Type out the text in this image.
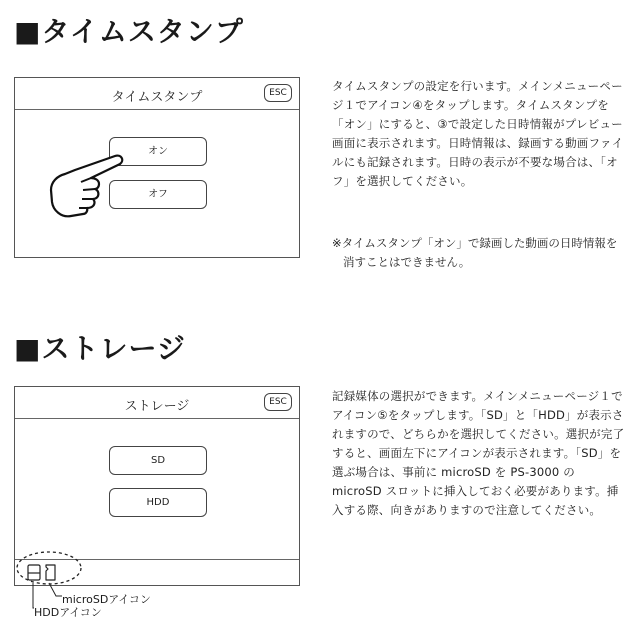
■タイムスタンプ
タイムスタンプ	ESC
オン
オフ
タイムスタンプの設定を行います。メインメニューページ１でアイコン④をタップします。タイムスタンプを「オン」にすると、③で設定した日時情報がプレビュー画面に表示されます。日時情報は、録画する動画ファイルにも記録されます。日時の表示が不要な場合は、「オフ」を選択してください。
※タイムスタンプ「オン」で録画した動画の日時情報を消すことはできません。
■ストレージ
ストレージ	ESC
SD
HDD
microSDアイコン
HDDアイコン
記録媒体の選択ができます。メインメニューページ１でアイコン⑤をタップします。「SD」と「HDD」が表示されますので、どちらかを選択してください。選択が完了すると、画面左下にアイコンが表示されます。「SD」を選ぶ場合は、事前に microSD を PS-3000 の microSD スロットに挿入しておく必要があります。挿入する際、向きがありますので注意してください。
